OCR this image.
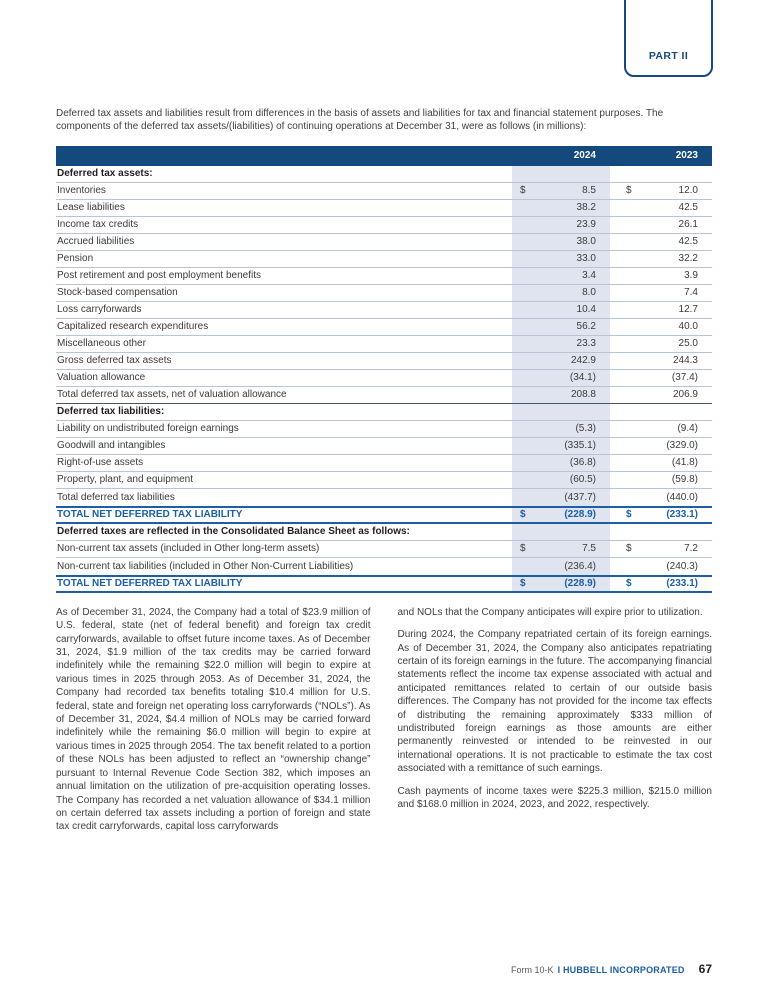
PART II

Deferred tax assets and liabilities result from differences in the basis of assets and liabilities for tax and financial statement purposes. The components of the deferred tax assets/(liabilities) of continuing operations at December 31, were as follows (in millions):

2024	2023
Deferred tax assets:
Inventories	$	8.5	$	12.0
Lease liabilities	38.2	42.5
Income tax credits	23.9	26.1
Accrued liabilities	38.0	42.5
Pension	33.0	32.2
Post retirement and post employment benefits	3.4	3.9
Stock-based compensation	8.0	7.4
Loss carryforwards	10.4	12.7
Capitalized research expenditures	56.2	40.0
Miscellaneous other	23.3	25.0
Gross deferred tax assets	242.9	244.3
Valuation allowance	(34.1)	(37.4)
Total deferred tax assets, net of valuation allowance	208.8	206.9
Deferred tax liabilities:
Liability on undistributed foreign earnings	(5.3)	(9.4)
Goodwill and intangibles	(335.1)	(329.0)
Right-of-use assets	(36.8)	(41.8)
Property, plant, and equipment	(60.5)	(59.8)
Total deferred tax liabilities	(437.7)	(440.0)
TOTAL NET DEFERRED TAX LIABILITY	$	(228.9)	$	(233.1)
Deferred taxes are reflected in the Consolidated Balance Sheet as follows:
Non-current tax assets (included in Other long-term assets)	$	7.5	$	7.2
Non-current tax liabilities (included in Other Non-Current Liabilities)	(236.4)	(240.3)
TOTAL NET DEFERRED TAX LIABILITY	$	(228.9)	$	(233.1)

As of December 31, 2024, the Company had a total of $23.9 million of U.S. federal, state (net of federal benefit) and foreign tax credit carryforwards, available to offset future income taxes. As of December 31, 2024, $1.9 million of the tax credits may be carried forward indefinitely while the remaining $22.0 million will begin to expire at various times in 2025 through 2053. As of December 31, 2024, the Company had recorded tax benefits totaling $10.4 million for U.S. federal, state and foreign net operating loss carryforwards (“NOLs”). As of December 31, 2024, $4.4 million of NOLs may be carried forward indefinitely while the remaining $6.0 million will begin to expire at various times in 2025 through 2054. The tax benefit related to a portion of these NOLs has been adjusted to reflect an “ownership change” pursuant to Internal Revenue Code Section 382, which imposes an annual limitation on the utilization of pre-acquisition operating losses. The Company has recorded a net valuation allowance of $34.1 million on certain deferred tax assets including a portion of foreign and state tax credit carryforwards, capital loss carryforwards

and NOLs that the Company anticipates will expire prior to utilization.

During 2024, the Company repatriated certain of its foreign earnings. As of December 31, 2024, the Company also anticipates repatriating certain of its foreign earnings in the future. The accompanying financial statements reflect the income tax expense associated with actual and anticipated remittances related to certain of our outside basis differences. The Company has not provided for the income tax effects of distributing the remaining approximately $333 million of undistributed foreign earnings as those amounts are either permanently reinvested or intended to be reinvested in our international operations. It is not practicable to estimate the tax cost associated with a remittance of such earnings.

Cash payments of income taxes were $225.3 million, $215.0 million and $168.0 million in 2024, 2023, and 2022, respectively.

Form 10-K I HUBBELL INCORPORATED 67
